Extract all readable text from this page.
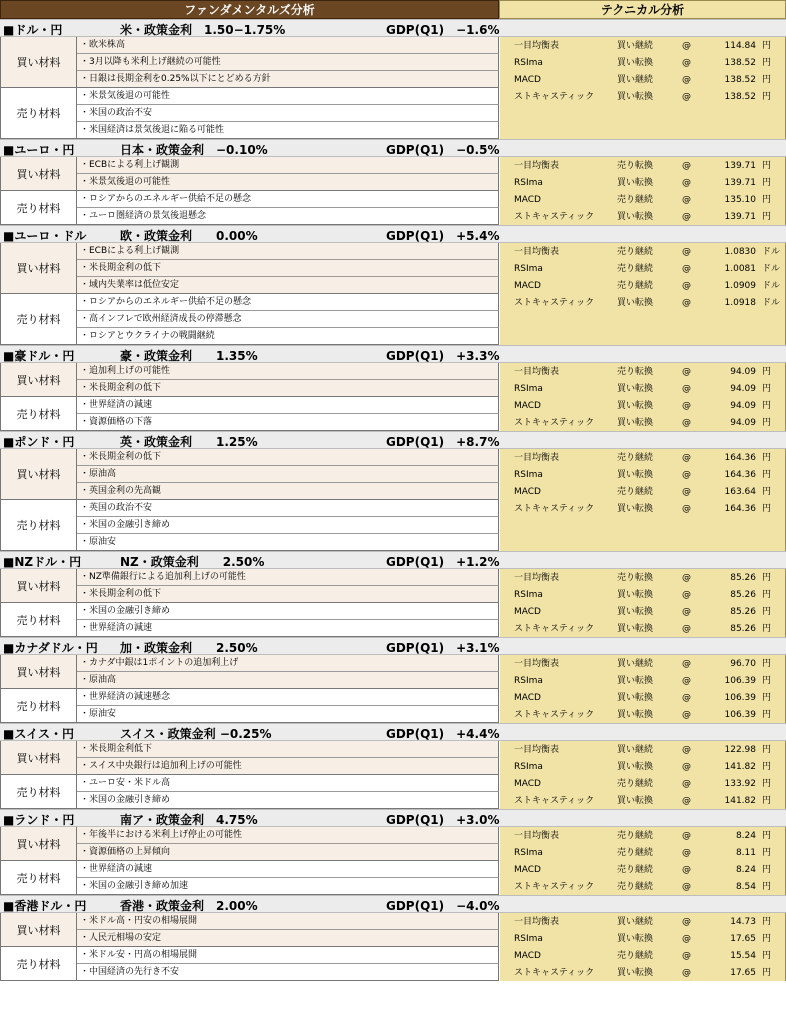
ファンダメンタルズ分析	テクニカル分析
■ドル・円	米・政策金利　1.50−1.75%	GDP(Q1)　−1.6%
買い材料
・欧米株高
・3月以降も米利上げ継続の可能性
・日銀は長期金利を0.25%以下にとどめる方針
売り材料
・米景気後退の可能性
・米国の政治不安
・米国経済は景気後退に陥る可能性
一目均衡表	買い継続	@	114.84 円
RSIma	買い転換	@	138.52 円
MACD	買い継続	@	138.52 円
ストキャスティック	買い転換	@	138.52 円
■ユーロ・円	日本・政策金利　−0.10%	GDP(Q1)　−0.5%
買い材料
・ECBによる利上げ観測
・米景気後退の可能性
売り材料
・ロシアからのエネルギー供給不足の懸念
・ユーロ圏経済の景気後退懸念
一目均衡表	売り転換	@	139.71 円
RSIma	買い転換	@	139.71 円
MACD	売り継続	@	135.10 円
ストキャスティック	買い転換	@	139.71 円
■ユーロ・ドル	欧・政策金利　　0.00%	GDP(Q1)　+5.4%
買い材料
・ECBによる利上げ観測
・米長期金利の低下
・域内失業率は低位安定
売り材料
・ロシアからのエネルギー供給不足の懸念
・高インフレで欧州経済成長の停滞懸念
・ロシアとウクライナの戦闘継続
一目均衡表	売り継続	@	1.0830 ドル
RSIma	売り継続	@	1.0081 ドル
MACD	売り継続	@	1.0909 ドル
ストキャスティック	買い転換	@	1.0918 ドル
■豪ドル・円	豪・政策金利　　1.35%	GDP(Q1)　+3.3%
買い材料
・追加利上げの可能性
・米長期金利の低下
売り材料
・世界経済の減速
・資源価格の下落
一目均衡表	売り転換	@	94.09 円
RSIma	買い転換	@	94.09 円
MACD	買い転換	@	94.09 円
ストキャスティック	買い転換	@	94.09 円
■ポンド・円	英・政策金利　　1.25%	GDP(Q1)　+8.7%
買い材料
・米長期金利の低下
・原油高
・英国金利の先高観
売り材料
・英国の政治不安
・米国の金融引き締め
・原油安
一目均衡表	売り継続	@	164.36 円
RSIma	買い転換	@	164.36 円
MACD	売り継続	@	163.64 円
ストキャスティック	買い転換	@	164.36 円
■NZドル・円	NZ・政策金利　　2.50%	GDP(Q1)　+1.2%
買い材料
・NZ準備銀行による追加利上げの可能性
・米長期金利の低下
売り材料
・米国の金融引き締め
・世界経済の減速
一目均衡表	売り転換	@	85.26 円
RSIma	買い転換	@	85.26 円
MACD	買い転換	@	85.26 円
ストキャスティック	買い転換	@	85.26 円
■カナダドル・円 加・政策金利　　2.50%	GDP(Q1)　+3.1%
買い材料
・カナダ中銀は1ポイントの追加利上げ
・原油高
売り材料
・世界経済の減速懸念
・原油安
一目均衡表	買い継続	@	96.70 円
RSIma	買い転換	@	106.39 円
MACD	買い転換	@	106.39 円
ストキャスティック	買い転換	@	106.39 円
■スイス・円	スイス・政策金利 −0.25%	GDP(Q1)　+4.4%
買い材料
・米長期金利低下
・スイス中央銀行は追加利上げの可能性
売り材料
・ユーロ安・米ドル高
・米国の金融引き締め
一目均衡表	買い継続	@	122.98 円
RSIma	買い転換	@	141.82 円
MACD	売り継続	@	133.92 円
ストキャスティック	買い転換	@	141.82 円
■ランド・円	南ア・政策金利　4.75%	GDP(Q1)　+3.0%
買い材料
・年後半における米利上げ停止の可能性
・資源価格の上昇傾向
売り材料
・世界経済の減速
・米国の金融引き締め加速
一目均衡表	売り継続	@	8.24 円
RSIma	売り継続	@	8.11 円
MACD	売り継続	@	8.24 円
ストキャスティック	売り継続	@	8.54 円
■香港ドル・円	香港・政策金利　2.00%	GDP(Q1)　−4.0%
買い材料
・米ドル高・円安の相場展開
・人民元相場の安定
売り材料
・米ドル安・円高の相場展開
・中国経済の先行き不安
一目均衡表	買い継続	@	14.73 円
RSIma	買い転換	@	17.65 円
MACD	売り継続	@	15.54 円
ストキャスティック	買い転換	@	17.65 円
